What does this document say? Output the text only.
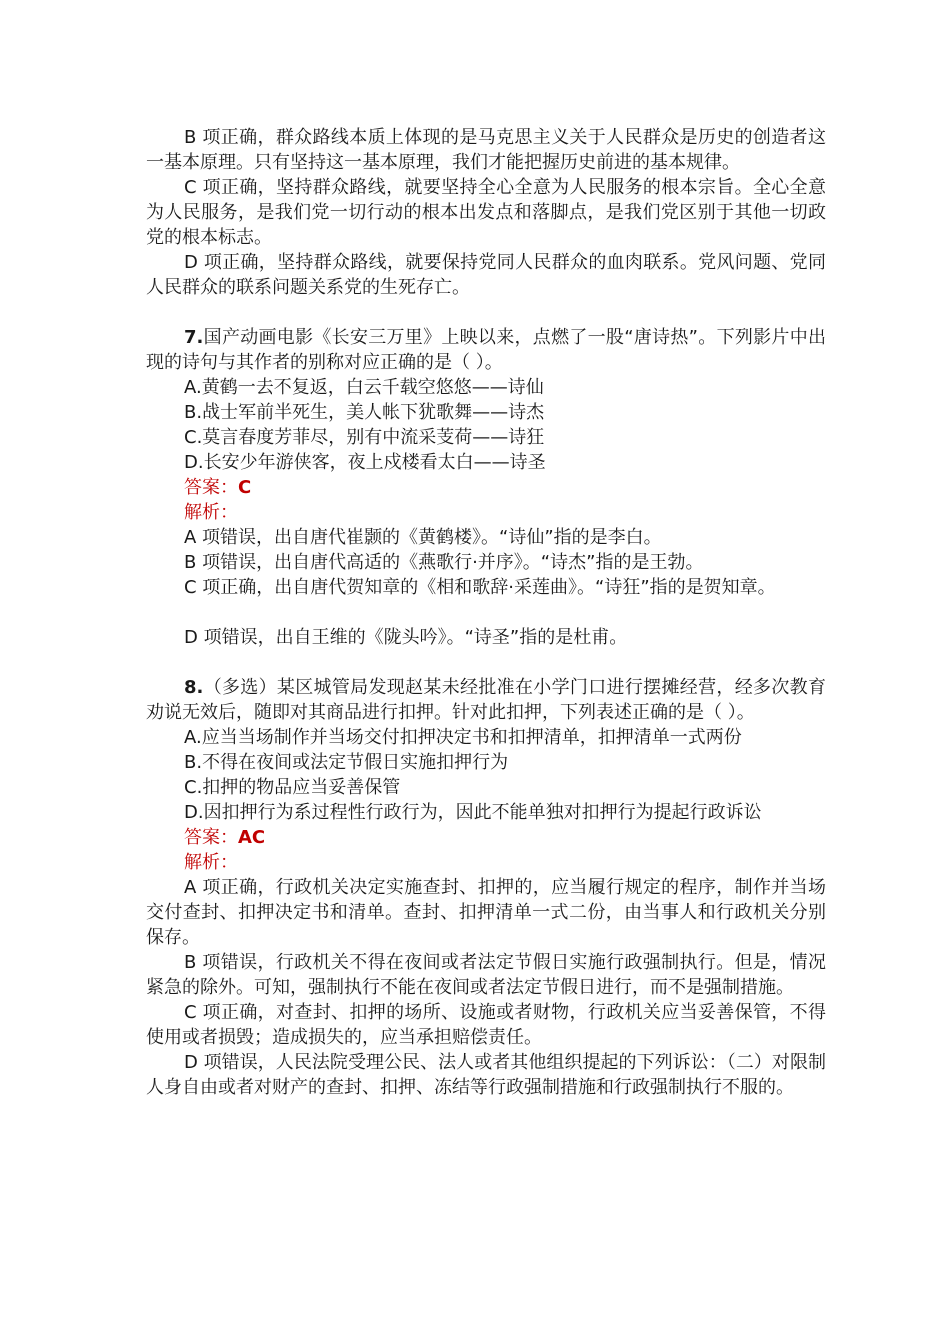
B 项正确，群众路线本质上体现的是马克思主义关于人民群众是历史的创造者这一基本原理。只有坚持这一基本原理，我们才能把握历史前进的基本规律。

C 项正确，坚持群众路线，就要坚持全心全意为人民服务的根本宗旨。全心全意为人民服务，是我们党一切行动的根本出发点和落脚点，是我们党区别于其他一切政党的根本标志。

D 项正确，坚持群众路线，就要保持党同人民群众的血肉联系。党风问题、党同人民群众的联系问题关系党的生死存亡。

7.国产动画电影《长安三万里》上映以来，点燃了一股“唐诗热”。下列影片中出现的诗句与其作者的别称对应正确的是（ ）。

A.黄鹤一去不复返，白云千载空悠悠——诗仙

B.战士军前半死生，美人帐下犹歌舞——诗杰

C.莫言春度芳菲尽，别有中流采芰荷——诗狂

D.长安少年游侠客，夜上戍楼看太白——诗圣

答案：C

解析：

A 项错误，出自唐代崔颢的《黄鹤楼》。“诗仙”指的是李白。

B 项错误，出自唐代高适的《燕歌行·并序》。“诗杰”指的是王勃。

C 项正确，出自唐代贺知章的《相和歌辞·采莲曲》。“诗狂”指的是贺知章。

D 项错误，出自王维的《陇头吟》。“诗圣”指的是杜甫。

8.（多选）某区城管局发现赵某未经批准在小学门口进行摆摊经营，经多次教育劝说无效后，随即对其商品进行扣押。针对此扣押，下列表述正确的是（ ）。

A.应当当场制作并当场交付扣押决定书和扣押清单，扣押清单一式两份

B.不得在夜间或法定节假日实施扣押行为

C.扣押的物品应当妥善保管

D.因扣押行为系过程性行政行为，因此不能单独对扣押行为提起行政诉讼

答案：AC

解析：

A 项正确，行政机关决定实施查封、扣押的，应当履行规定的程序，制作并当场交付查封、扣押决定书和清单。查封、扣押清单一式二份，由当事人和行政机关分别保存。

B 项错误，行政机关不得在夜间或者法定节假日实施行政强制执行。但是，情况紧急的除外。可知，强制执行不能在夜间或者法定节假日进行，而不是强制措施。

C 项正确，对查封、扣押的场所、设施或者财物，行政机关应当妥善保管，不得使用或者损毁；造成损失的，应当承担赔偿责任。

D 项错误，人民法院受理公民、法人或者其他组织提起的下列诉讼：（二）对限制人身自由或者对财产的查封、扣押、冻结等行政强制措施和行政强制执行不服的。
